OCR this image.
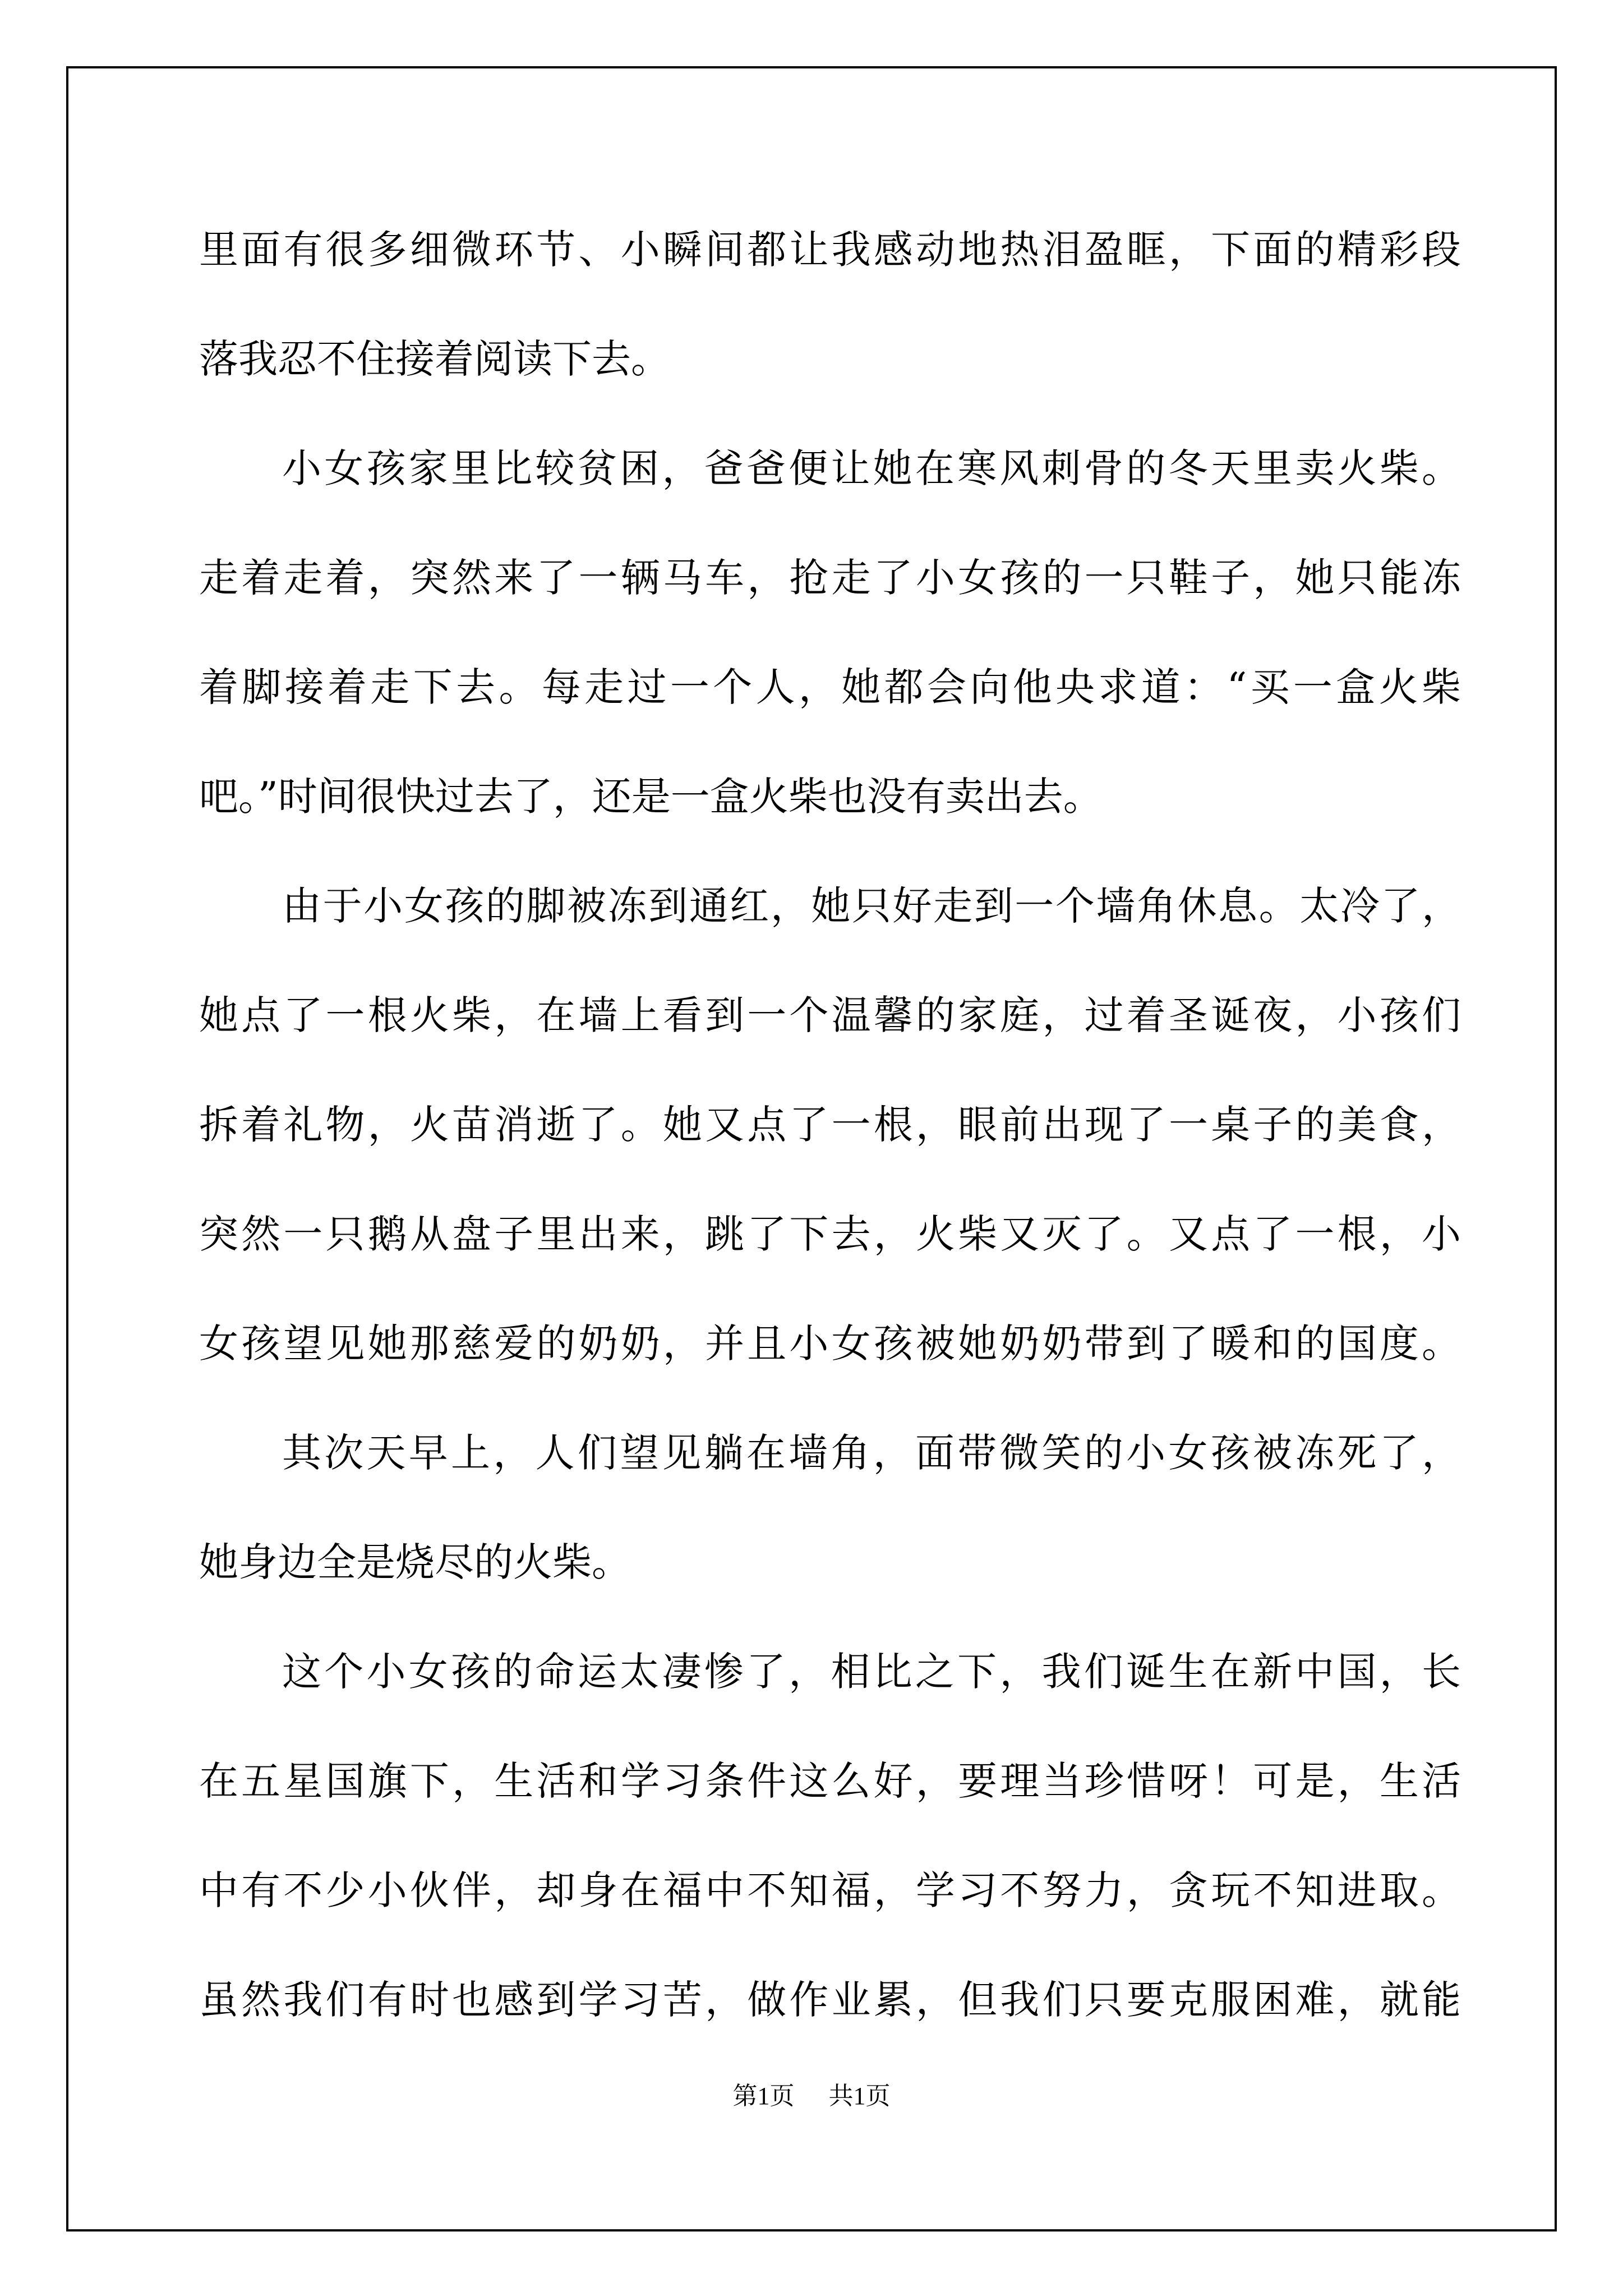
里面有很多细微环节、小瞬间都让我感动地热泪盈眶，下面的精彩段
落我忍不住接着阅读下去。
小女孩家里比较贫困，爸爸便让她在寒风刺骨的冬天里卖火柴。
走着走着，突然来了一辆马车，抢走了小女孩的一只鞋子，她只能冻
着脚接着走下去。每走过一个人，她都会向他央求道：“买一盒火柴
吧。”时间很快过去了，还是一盒火柴也没有卖出去。
由于小女孩的脚被冻到通红，她只好走到一个墙角休息。太冷了，
她点了一根火柴，在墙上看到一个温馨的家庭，过着圣诞夜，小孩们
拆着礼物，火苗消逝了。她又点了一根，眼前出现了一桌子的美食，
突然一只鹅从盘子里出来，跳了下去，火柴又灭了。又点了一根，小
女孩望见她那慈爱的奶奶，并且小女孩被她奶奶带到了暖和的国度。
其次天早上，人们望见躺在墙角，面带微笑的小女孩被冻死了，
她身边全是烧尽的火柴。
这个小女孩的命运太凄惨了，相比之下，我们诞生在新中国，长
在五星国旗下，生活和学习条件这么好，要理当珍惜呀！可是，生活
中有不少小伙伴，却身在福中不知福，学习不努力，贪玩不知进取。
虽然我们有时也感到学习苦，做作业累，但我们只要克服困难，就能
第1页 共1页
